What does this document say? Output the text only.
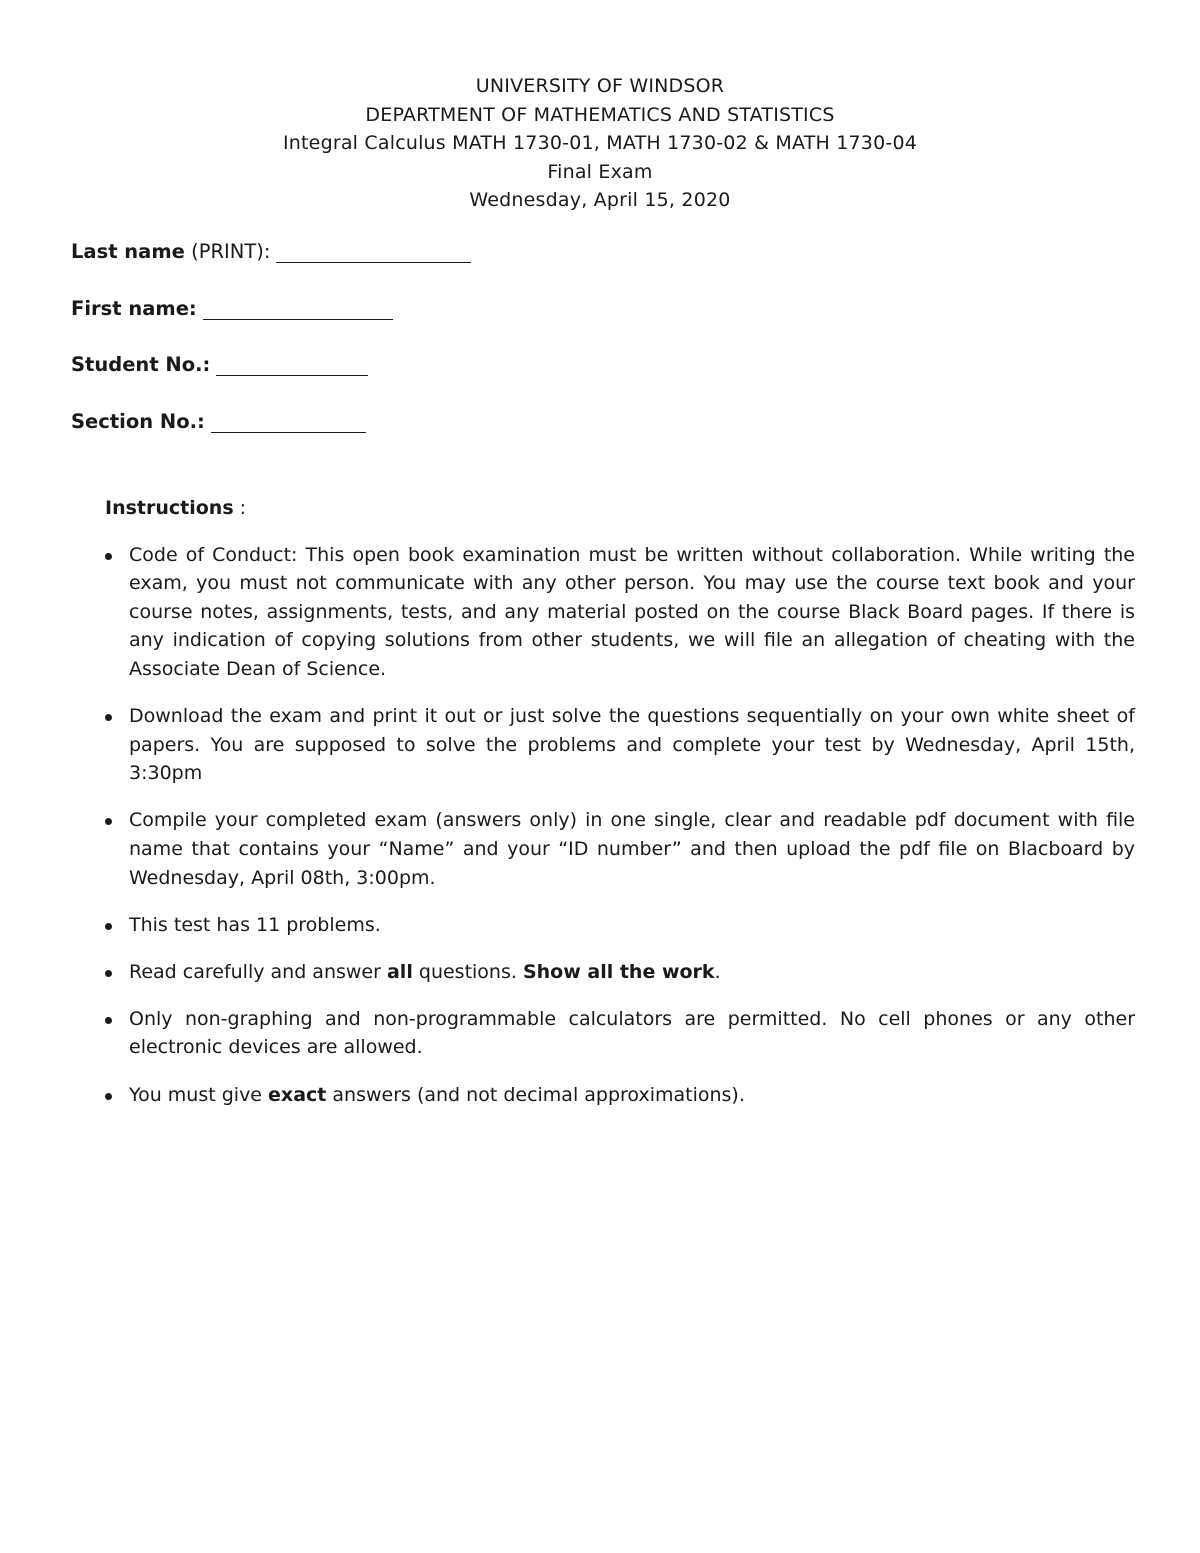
UNIVERSITY OF WINDSOR
DEPARTMENT OF MATHEMATICS AND STATISTICS
Integral Calculus MATH 1730-01, MATH 1730-02 & MATH 1730-04
Final Exam
Wednesday, April 15, 2020
Last name (PRINT):
First name:
Student No.:
Section No.:
Instructions :
Code of Conduct: This open book examination must be written without collaboration. While writing the exam, you must not communicate with any other person. You may use the course text book and your course notes, assignments, tests, and any material posted on the course Black Board pages. If there is any indication of copying solutions from other students, we will file an allegation of cheating with the Associate Dean of Science.
Download the exam and print it out or just solve the questions sequentially on your own white sheet of papers. You are supposed to solve the problems and complete your test by Wednesday, April 15th, 3:30pm
Compile your completed exam (answers only) in one single, clear and readable pdf document with file name that contains your “Name” and your “ID number” and then upload the pdf file on Blacboard by Wednesday, April 08th, 3:00pm.
This test has 11 problems.
Read carefully and answer all questions. Show all the work.
Only non-graphing and non-programmable calculators are permitted. No cell phones or any other electronic devices are allowed.
You must give exact answers (and not decimal approximations).
